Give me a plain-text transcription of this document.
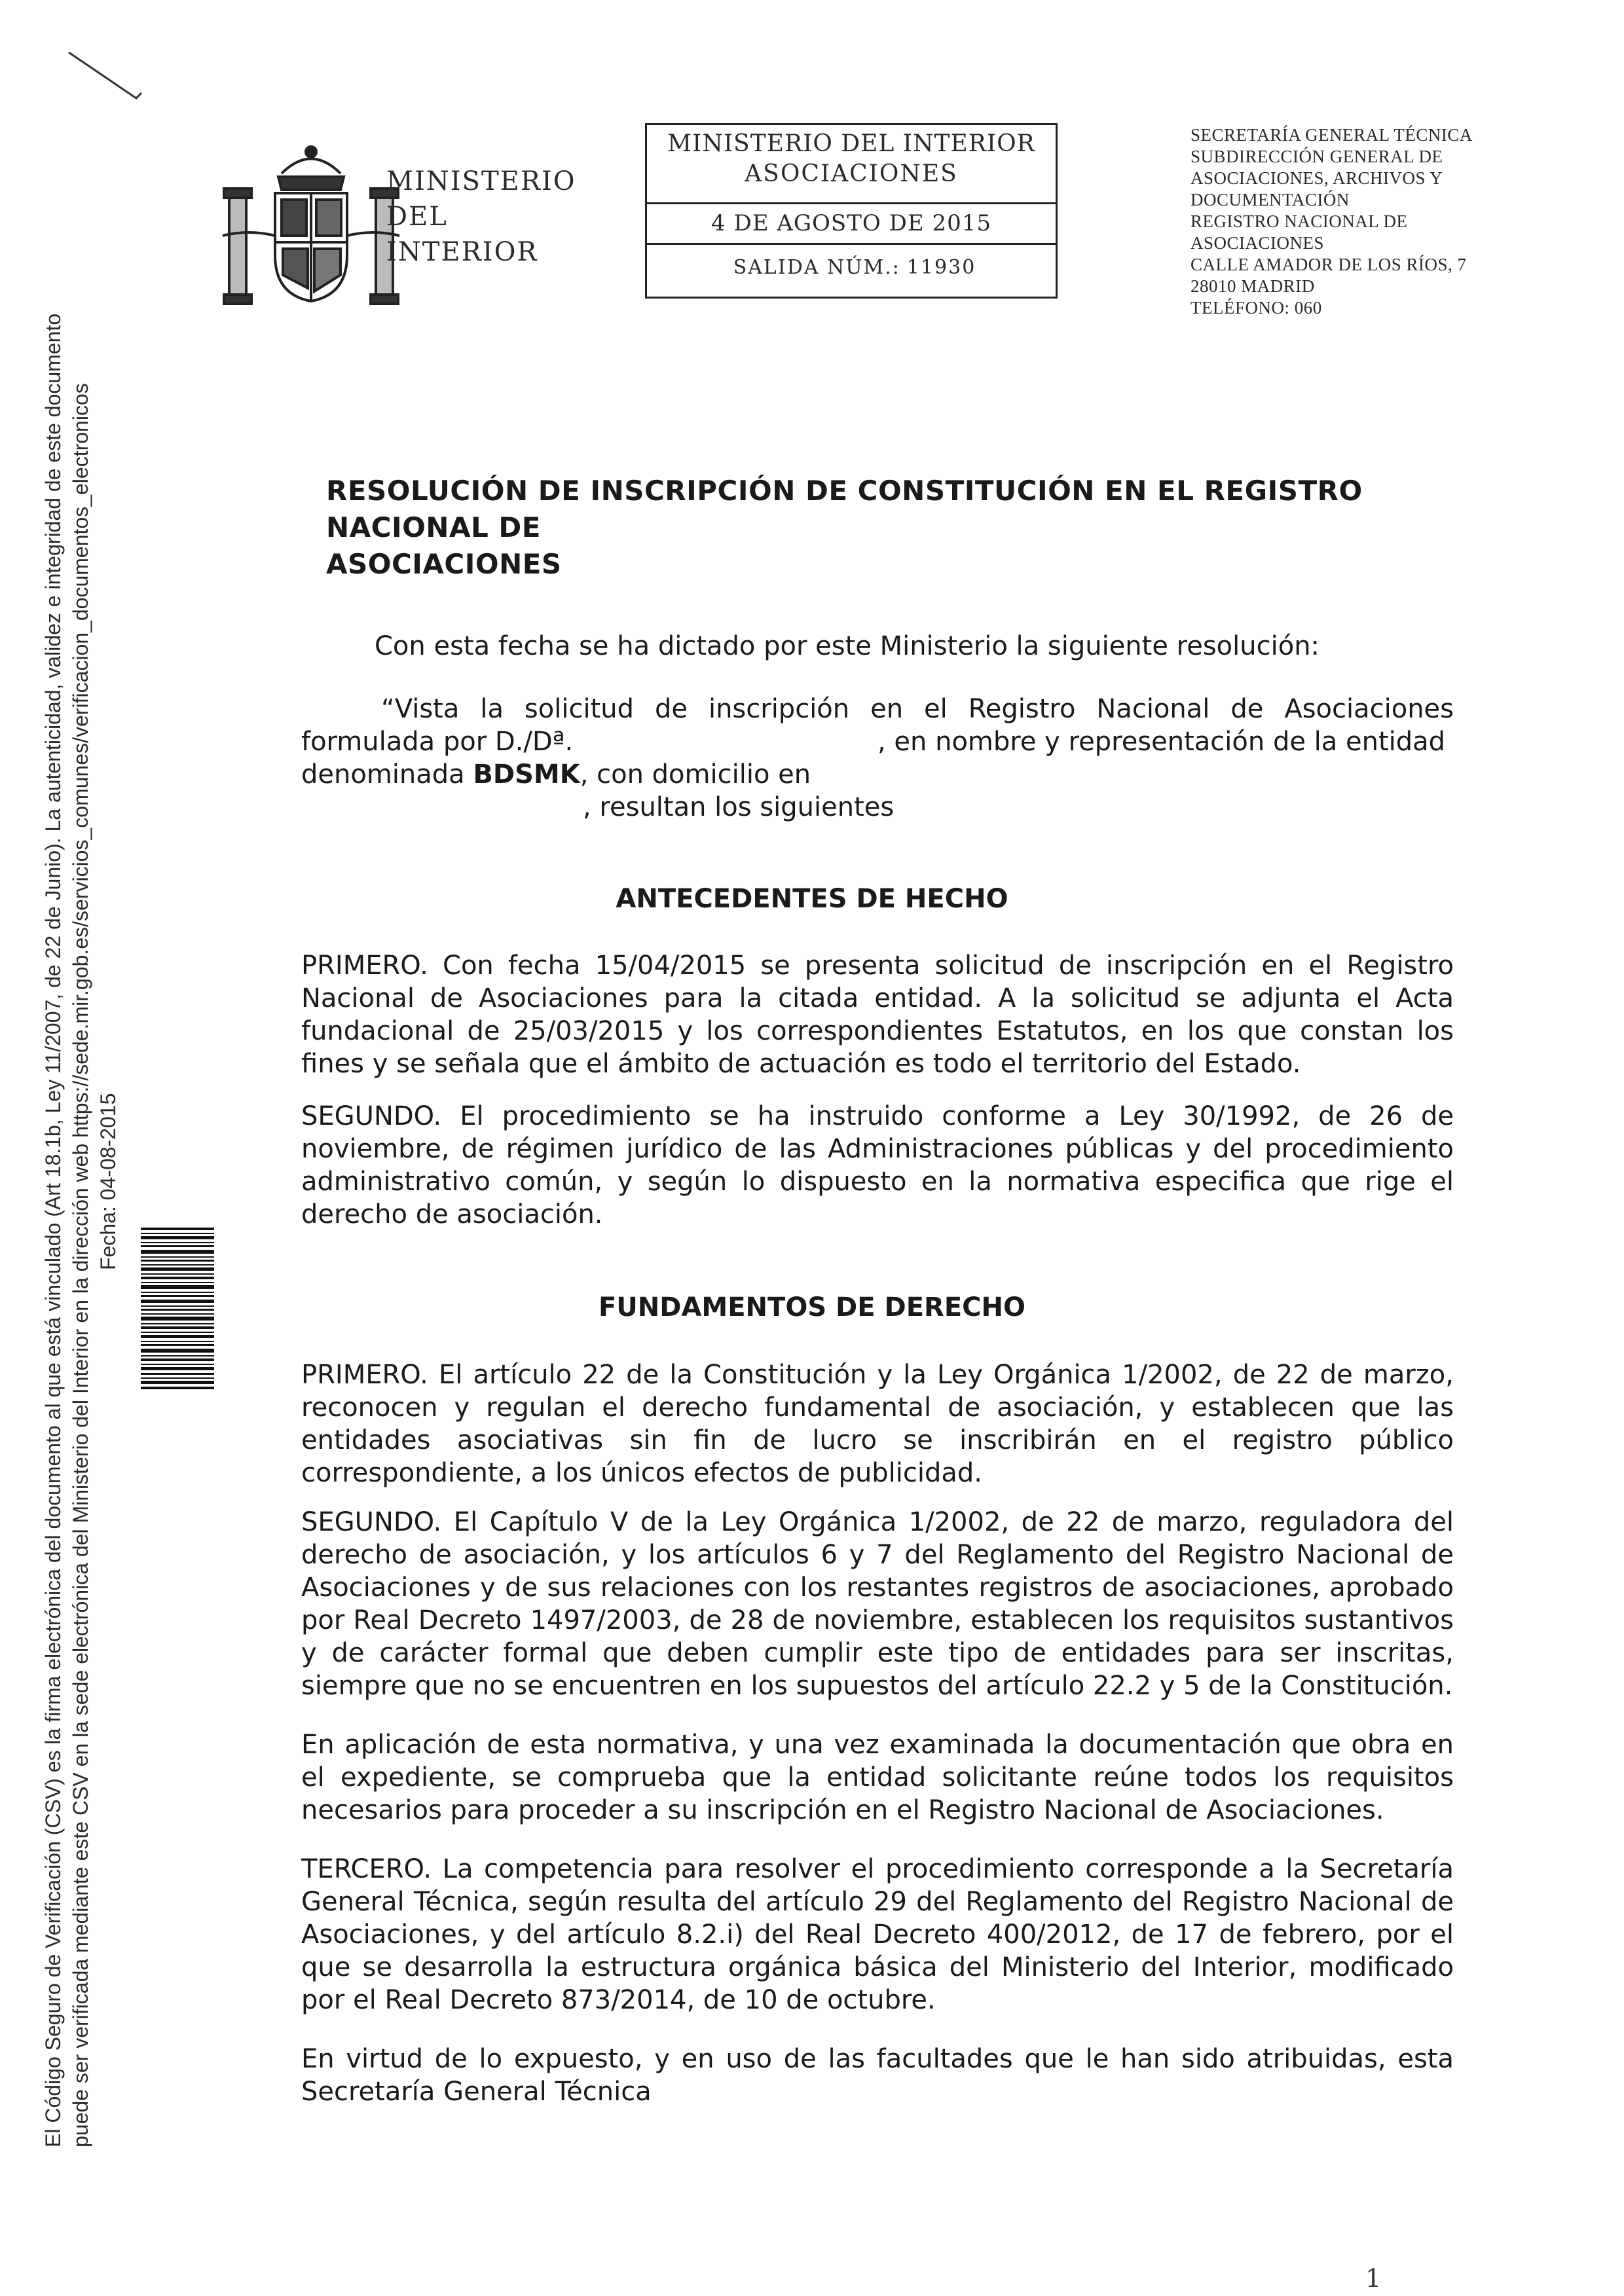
El Código Seguro de Verificación (CSV) es la firma electrónica del documento al que está vinculado (Art 18.1b, Ley 11/2007, de 22 de Junio). La autenticidad, validez e integridad de este documento puede ser verificada mediante este CSV en la sede electrónica del Ministerio del Interior en la dirección web https://sede.mir.gob.es/servicios_comunes/verificacion_documentos_electronicos Fecha: 04-08-2015
MINISTERIO
DEL INTERIOR
MINISTERIO DEL INTERIOR
ASOCIACIONES
4 DE AGOSTO DE 2015
SALIDA NÚM.: 11930
SECRETARÍA GENERAL TÉCNICA
SUBDIRECCIÓN GENERAL DE
ASOCIACIONES, ARCHIVOS Y
DOCUMENTACIÓN
REGISTRO NACIONAL DE
ASOCIACIONES
CALLE AMADOR DE LOS RÍOS, 7
28010 MADRID
TELÉFONO: 060
RESOLUCIÓN DE INSCRIPCIÓN DE CONSTITUCIÓN EN EL REGISTRO NACIONAL DE
ASOCIACIONES
Con esta fecha se ha dictado por este Ministerio la siguiente resolución:
“Vista la solicitud de inscripción en el Registro Nacional de Asociaciones
formulada por D./Dª.	, en nombre y representación de la entidad
denominada BDSMK, con domicilio en
, resultan los siguientes
ANTECEDENTES DE HECHO
PRIMERO. Con fecha 15/04/2015 se presenta solicitud de inscripción en el Registro Nacional de Asociaciones para la citada entidad. A la solicitud se adjunta el Acta fundacional de 25/03/2015 y los correspondientes Estatutos, en los que constan los fines y se señala que el ámbito de actuación es todo el territorio del Estado.
SEGUNDO. El procedimiento se ha instruido conforme a Ley 30/1992, de 26 de noviembre, de régimen jurídico de las Administraciones públicas y del procedimiento administrativo común, y según lo dispuesto en la normativa especifica que rige el derecho de asociación.
FUNDAMENTOS DE DERECHO
PRIMERO. El artículo 22 de la Constitución y la Ley Orgánica 1/2002, de 22 de marzo, reconocen y regulan el derecho fundamental de asociación, y establecen que las entidades asociativas sin fin de lucro se inscribirán en el registro público correspondiente, a los únicos efectos de publicidad.
SEGUNDO. El Capítulo V de la Ley Orgánica 1/2002, de 22 de marzo, reguladora del derecho de asociación, y los artículos 6 y 7 del Reglamento del Registro Nacional de Asociaciones y de sus relaciones con los restantes registros de asociaciones, aprobado por Real Decreto 1497/2003, de 28 de noviembre, establecen los requisitos sustantivos y de carácter formal que deben cumplir este tipo de entidades para ser inscritas, siempre que no se encuentren en los supuestos del artículo 22.2 y 5 de la Constitución.
En aplicación de esta normativa, y una vez examinada la documentación que obra en el expediente, se comprueba que la entidad solicitante reúne todos los requisitos necesarios para proceder a su inscripción en el Registro Nacional de Asociaciones.
TERCERO. La competencia para resolver el procedimiento corresponde a la Secretaría General Técnica, según resulta del artículo 29 del Reglamento del Registro Nacional de Asociaciones, y del artículo 8.2.i) del Real Decreto 400/2012, de 17 de febrero, por el que se desarrolla la estructura orgánica básica del Ministerio del Interior, modificado por el Real Decreto 873/2014, de 10 de octubre.
En virtud de lo expuesto, y en uso de las facultades que le han sido atribuidas, esta Secretaría General Técnica
1
